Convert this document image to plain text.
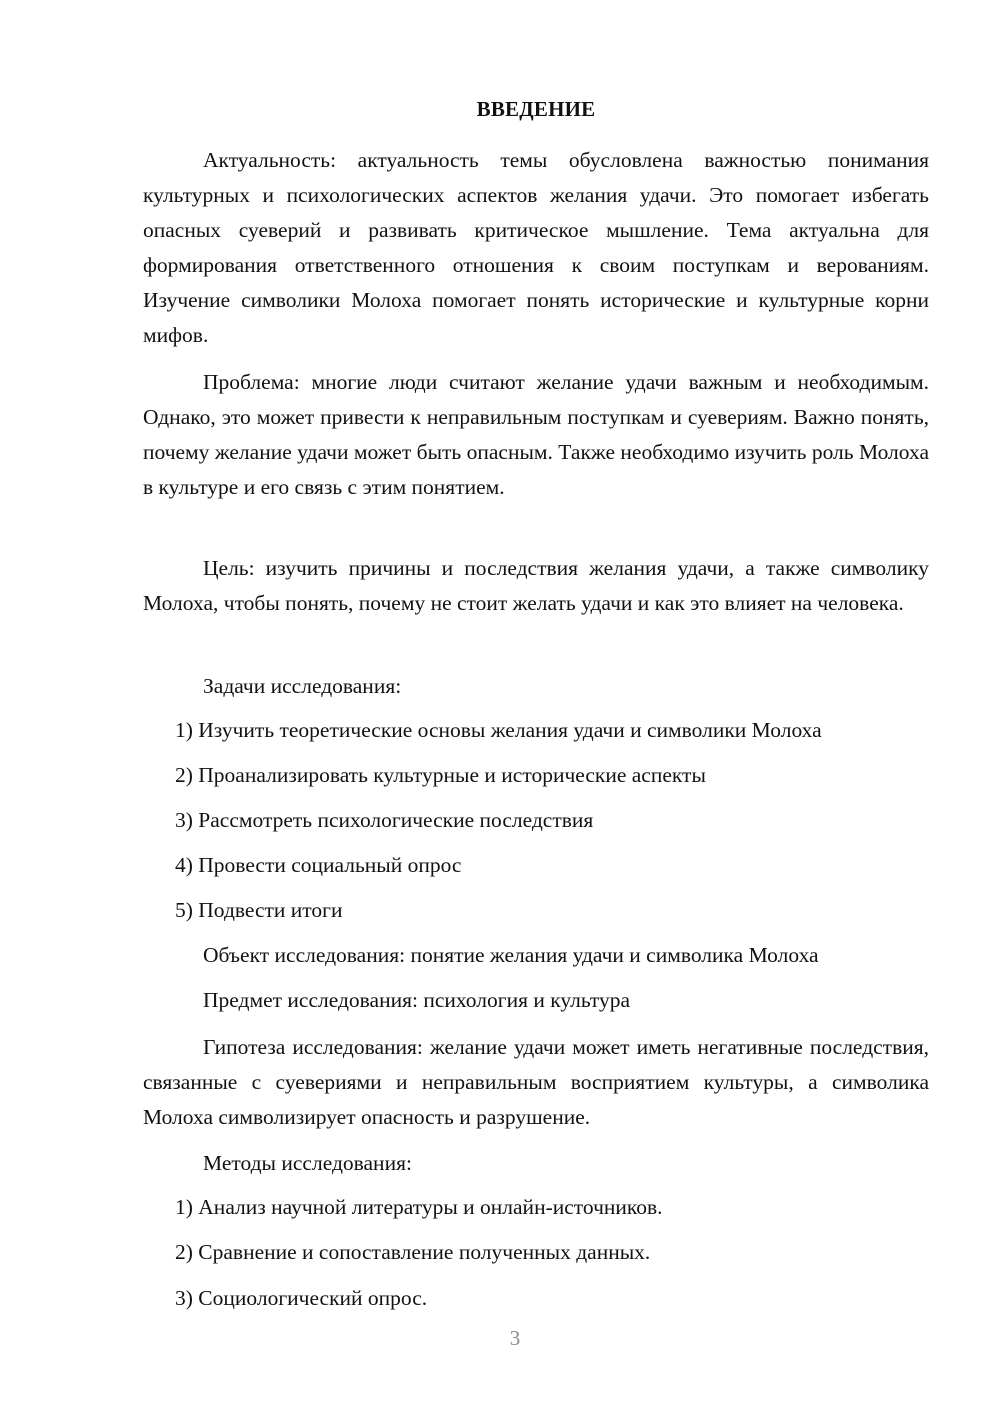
ВВЕДЕНИЕ

Актуальность: актуальность темы обусловлена важностью понимания культурных и психологических аспектов желания удачи. Это помогает избегать опасных суеверий и развивать критическое мышление. Тема актуальна для формирования ответственного отношения к своим поступкам и верованиям. Изучение символики Молоха помогает понять исторические и культурные корни мифов.

Проблема: многие люди считают желание удачи важным и необходимым. Однако, это может привести к неправильным поступкам и суевериям. Важно понять, почему желание удачи может быть опасным. Также необходимо изучить роль Молоха в культуре и его связь с этим понятием.

Цель: изучить причины и последствия желания удачи, а также символику Молоха, чтобы понять, почему не стоит желать удачи и как это влияет на человека.

Задачи исследования:

1) Изучить теоретические основы желания удачи и символики Молоха

2) Проанализировать культурные и исторические аспекты

3) Рассмотреть психологические последствия

4) Провести социальный опрос

5) Подвести итоги

Объект исследования: понятие желания удачи и символика Молоха

Предмет исследования: психология и культура

Гипотеза исследования: желание удачи может иметь негативные последствия, связанные с суевериями и неправильным восприятием культуры, а символика Молоха символизирует опасность и разрушение.

Методы исследования:

1) Анализ научной литературы и онлайн-источников.

2) Сравнение и сопоставление полученных данных.

3) Социологический опрос.

3
